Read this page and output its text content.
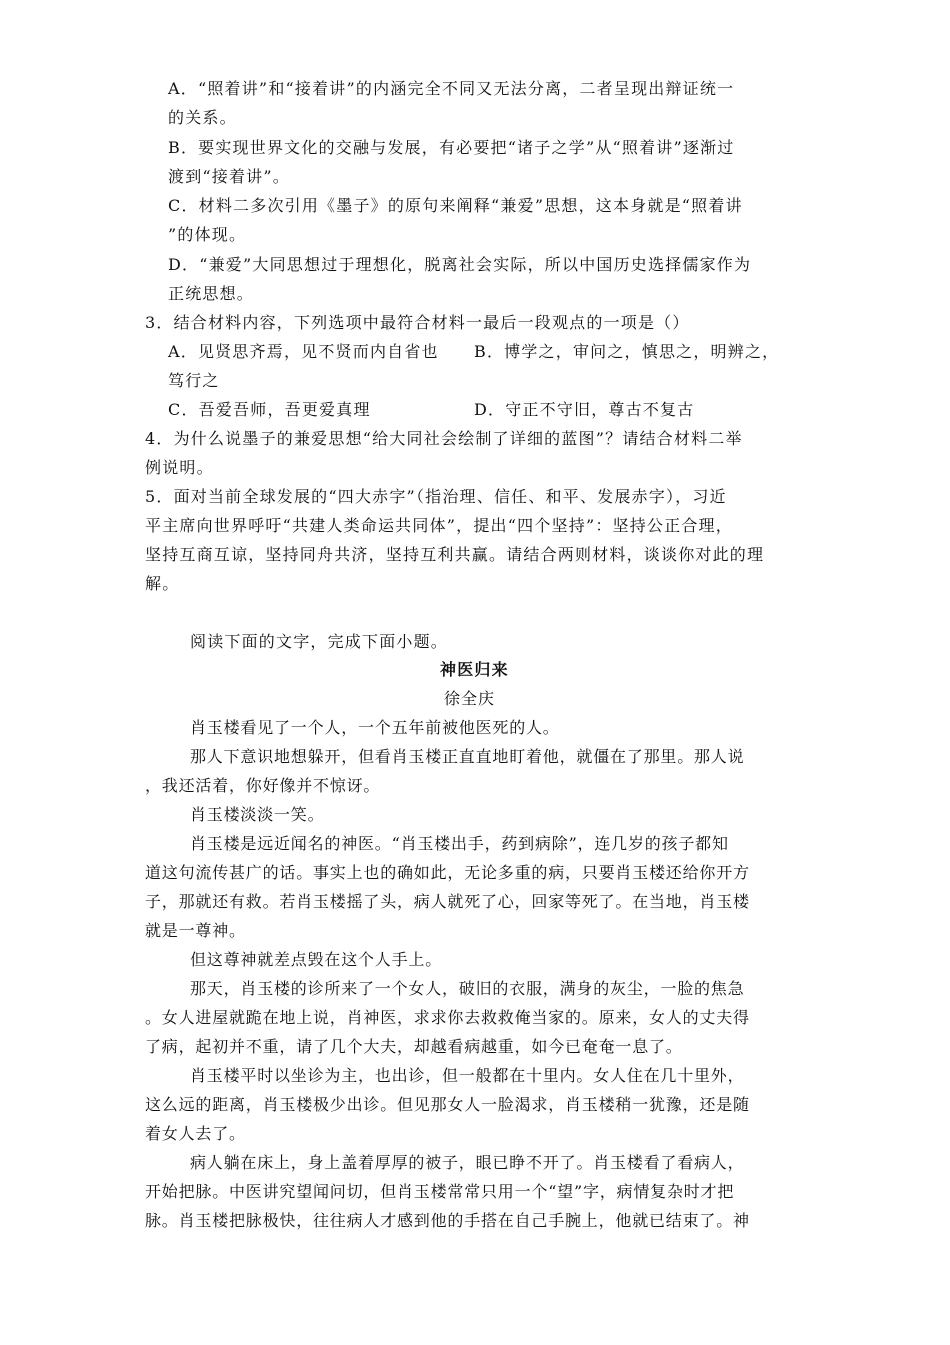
A．“照着讲”和“接着讲”的内涵完全不同又无法分离，二者呈现出辩证统一
的关系。
B．要实现世界文化的交融与发展，有必要把“诸子之学”从“照着讲”逐渐过
渡到“接着讲”。
C．材料二多次引用《墨子》的原句来阐释“兼爱”思想，这本身就是“照着讲
”的体现。
D．“兼爱”大同思想过于理想化，脱离社会实际，所以中国历史选择儒家作为
正统思想。
3．结合材料内容，下列选项中最符合材料一最后一段观点的一项是（）
A．见贤思齐焉，见不贤而内自省也 B．博学之，审问之，慎思之，明辨之，
笃行之
C．吾爱吾师，吾更爱真理	D．守正不守旧，尊古不复古
4．为什么说墨子的兼爱思想“给大同社会绘制了详细的蓝图”？请结合材料二举
例说明。
5．面对当前全球发展的“四大赤字”（指治理、信任、和平、发展赤字），习近
平主席向世界呼吁“共建人类命运共同体”，提出“四个坚持”：坚持公正合理，
坚持互商互谅，坚持同舟共济，坚持互利共赢。请结合两则材料，谈谈你对此的理
解。
阅读下面的文字，完成下面小题。
神医归来
徐全庆
肖玉楼看见了一个人，一个五年前被他医死的人。
那人下意识地想躲开，但看肖玉楼正直直地盯着他，就僵在了那里。那人说
，我还活着，你好像并不惊讶。
肖玉楼淡淡一笑。
肖玉楼是远近闻名的神医。“肖玉楼出手，药到病除”，连几岁的孩子都知
道这句流传甚广的话。事实上也的确如此，无论多重的病，只要肖玉楼还给你开方
子，那就还有救。若肖玉楼摇了头，病人就死了心，回家等死了。在当地，肖玉楼
就是一尊神。
但这尊神就差点毁在这个人手上。
那天，肖玉楼的诊所来了一个女人，破旧的衣服，满身的灰尘，一脸的焦急
。女人进屋就跪在地上说，肖神医，求求你去救救俺当家的。原来，女人的丈夫得
了病，起初并不重，请了几个大夫，却越看病越重，如今已奄奄一息了。
肖玉楼平时以坐诊为主，也出诊，但一般都在十里内。女人住在几十里外，
这么远的距离，肖玉楼极少出诊。但见那女人一脸渴求，肖玉楼稍一犹豫，还是随
着女人去了。
病人躺在床上，身上盖着厚厚的被子，眼已睁不开了。肖玉楼看了看病人，
开始把脉。中医讲究望闻问切，但肖玉楼常常只用一个“望”字，病情复杂时才把
脉。肖玉楼把脉极快，往往病人才感到他的手搭在自己手腕上，他就已结束了。神
